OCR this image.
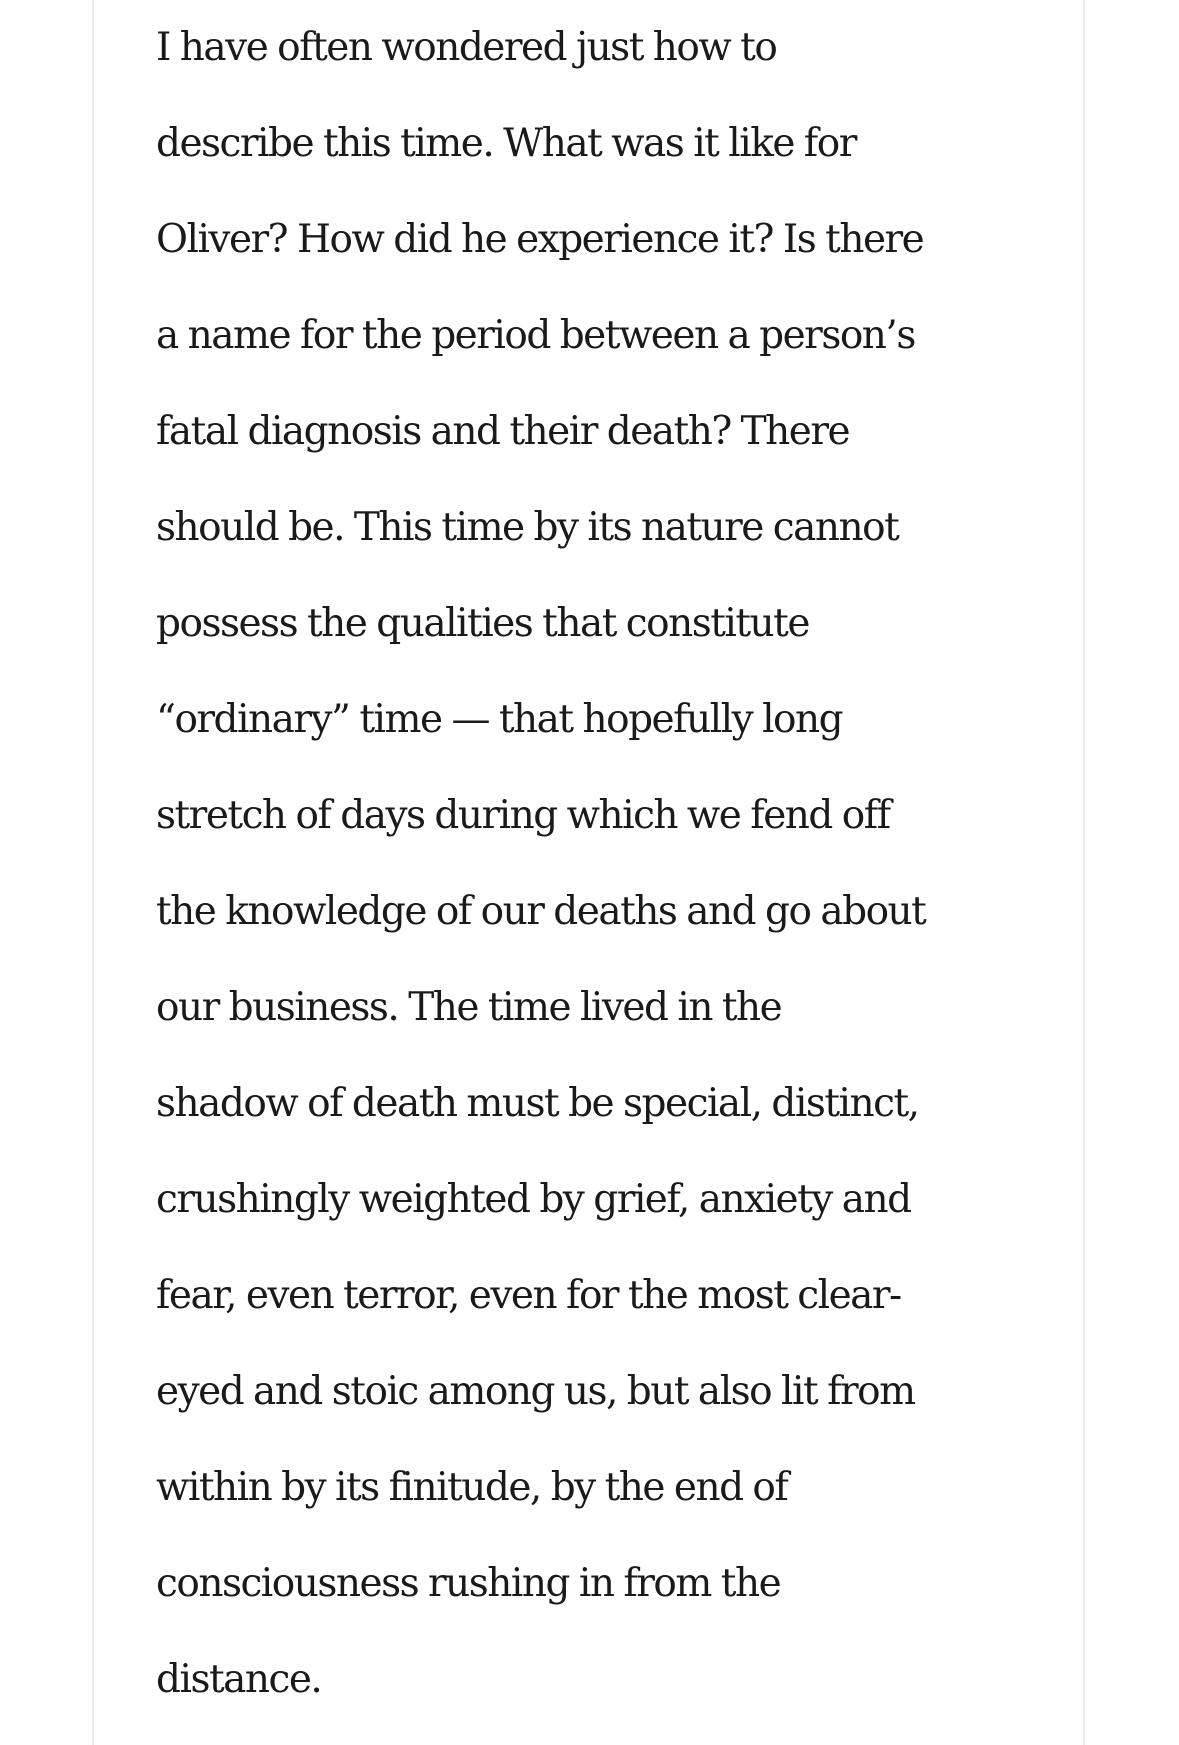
I have often wondered just how to
describe this time. What was it like for
Oliver? How did he experience it? Is there
a name for the period between a person’s
fatal diagnosis and their death? There
should be. This time by its nature cannot
possess the qualities that constitute
“ordinary” time — that hopefully long
stretch of days during which we fend off
the knowledge of our deaths and go about
our business. The time lived in the
shadow of death must be special, distinct,
crushingly weighted by grief, anxiety and
fear, even terror, even for the most clear-
eyed and stoic among us, but also lit from
within by its finitude, by the end of
consciousness rushing in from the
distance.
